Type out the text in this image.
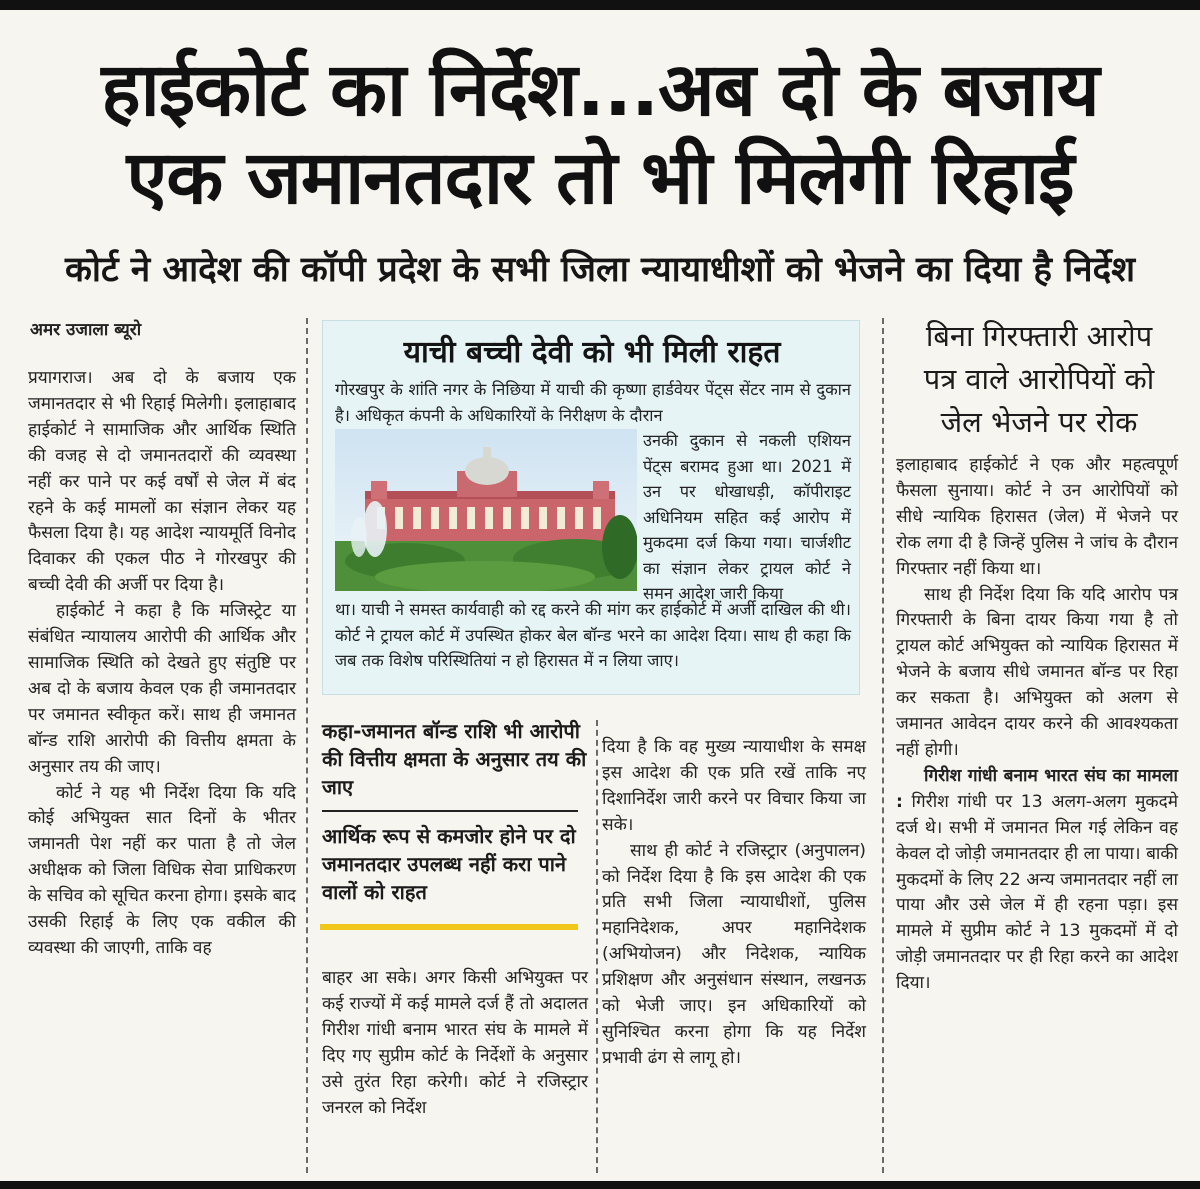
हाईकोर्ट का निर्देश...अब दो के बजाय
एक जमानतदार तो भी मिलेगी रिहाई
कोर्ट ने आदेश की कॉपी प्रदेश के सभी जिला न्यायाधीशों को भेजने का दिया है निर्देश
अमर उजाला ब्यूरो

प्रयागराज। अब दो के बजाय एक जमानतदार से भी रिहाई मिलेगी। इलाहाबाद हाईकोर्ट ने सामाजिक और आर्थिक स्थिति की वजह से दो जमानतदारों की व्यवस्था नहीं कर पाने पर कई वर्षों से जेल में बंद रहने के कई मामलों का संज्ञान लेकर यह फैसला दिया है। यह आदेश न्यायमूर्ति विनोद दिवाकर की एकल पीठ ने गोरखपुर की बच्ची देवी की अर्जी पर दिया है।

हाईकोर्ट ने कहा है कि मजिस्ट्रेट या संबंधित न्यायालय आरोपी की आर्थिक और सामाजिक स्थिति को देखते हुए संतुष्टि पर अब दो के बजाय केवल एक ही जमानतदार पर जमानत स्वीकृत करें। साथ ही जमानत बॉन्ड राशि आरोपी की वित्तीय क्षमता के अनुसार तय की जाए।

कोर्ट ने यह भी निर्देश दिया कि यदि कोई अभियुक्त सात दिनों के भीतर जमानती पेश नहीं कर पाता है तो जेल अधीक्षक को जिला विधिक सेवा प्राधिकरण के सचिव को सूचित करना होगा। इसके बाद उसकी रिहाई के लिए एक वकील की व्यवस्था की जाएगी, ताकि वह

याची बच्ची देवी को भी मिली राहत
गोरखपुर के शांति नगर के निछिया में याची की कृष्णा हार्डवेयर पेंट्स सेंटर नाम से दुकान है। अधिकृत कंपनी के अधिकारियों के निरीक्षण के दौरान
उनकी दुकान से नकली एशियन पेंट्स बरामद हुआ था। 2021 में उन पर धोखाधड़ी, कॉपीराइट अधिनियम सहित कई आरोप में मुकदमा दर्ज किया गया। चार्जशीट का संज्ञान लेकर ट्रायल कोर्ट ने समन आदेश जारी किया
था। याची ने समस्त कार्यवाही को रद्द करने की मांग कर हाईकोर्ट में अर्जी दाखिल की थी। कोर्ट ने ट्रायल कोर्ट में उपस्थित होकर बेल बॉन्ड भरने का आदेश दिया। साथ ही कहा कि जब तक विशेष परिस्थितियां न हो हिरासत में न लिया जाए।
कहा-जमानत बॉन्ड राशि भी आरोपी की वित्तीय क्षमता के अनुसार तय की जाए
आर्थिक रूप से कमजोर होने पर दो जमानतदार उपलब्ध नहीं करा पाने वालों को राहत

बाहर आ सके। अगर किसी अभियुक्त पर कई राज्यों में कई मामले दर्ज हैं तो अदालत गिरीश गांधी बनाम भारत संघ के मामले में दिए गए सुप्रीम कोर्ट के निर्देशों के अनुसार उसे तुरंत रिहा करेगी। कोर्ट ने रजिस्ट्रार जनरल को निर्देश

दिया है कि वह मुख्य न्यायाधीश के समक्ष इस आदेश की एक प्रति रखें ताकि नए दिशानिर्देश जारी करने पर विचार किया जा सके।

साथ ही कोर्ट ने रजिस्ट्रार (अनुपालन) को निर्देश दिया है कि इस आदेश की एक प्रति सभी जिला न्यायाधीशों, पुलिस महानिदेशक, अपर महानिदेशक (अभियोजन) और निदेशक, न्यायिक प्रशिक्षण और अनुसंधान संस्थान, लखनऊ को भेजी जाए। इन अधिकारियों को सुनिश्चित करना होगा कि यह निर्देश प्रभावी ढंग से लागू हो।

बिना गिरफ्तारी आरोप
पत्र वाले आरोपियों को
जेल भेजने पर रोक

इलाहाबाद हाईकोर्ट ने एक और महत्वपूर्ण फैसला सुनाया। कोर्ट ने उन आरोपियों को सीधे न्यायिक हिरासत (जेल) में भेजने पर रोक लगा दी है जिन्हें पुलिस ने जांच के दौरान गिरफ्तार नहीं किया था।

साथ ही निर्देश दिया कि यदि आरोप पत्र गिरफ्तारी के बिना दायर किया गया है तो ट्रायल कोर्ट अभियुक्त को न्यायिक हिरासत में भेजने के बजाय सीधे जमानत बॉन्ड पर रिहा कर सकता है। अभियुक्त को अलग से जमानत आवेदन दायर करने की आवश्यकता नहीं होगी।

गिरीश गांधी बनाम भारत संघ का मामला : गिरीश गांधी पर 13 अलग-अलग मुकदमे दर्ज थे। सभी में जमानत मिल गई लेकिन वह केवल दो जोड़ी जमानतदार ही ला पाया। बाकी मुकदमों के लिए 22 अन्य जमानतदार नहीं ला पाया और उसे जेल में ही रहना पड़ा। इस मामले में सुप्रीम कोर्ट ने 13 मुकदमों में दो जोड़ी जमानतदार पर ही रिहा करने का आदेश दिया।
